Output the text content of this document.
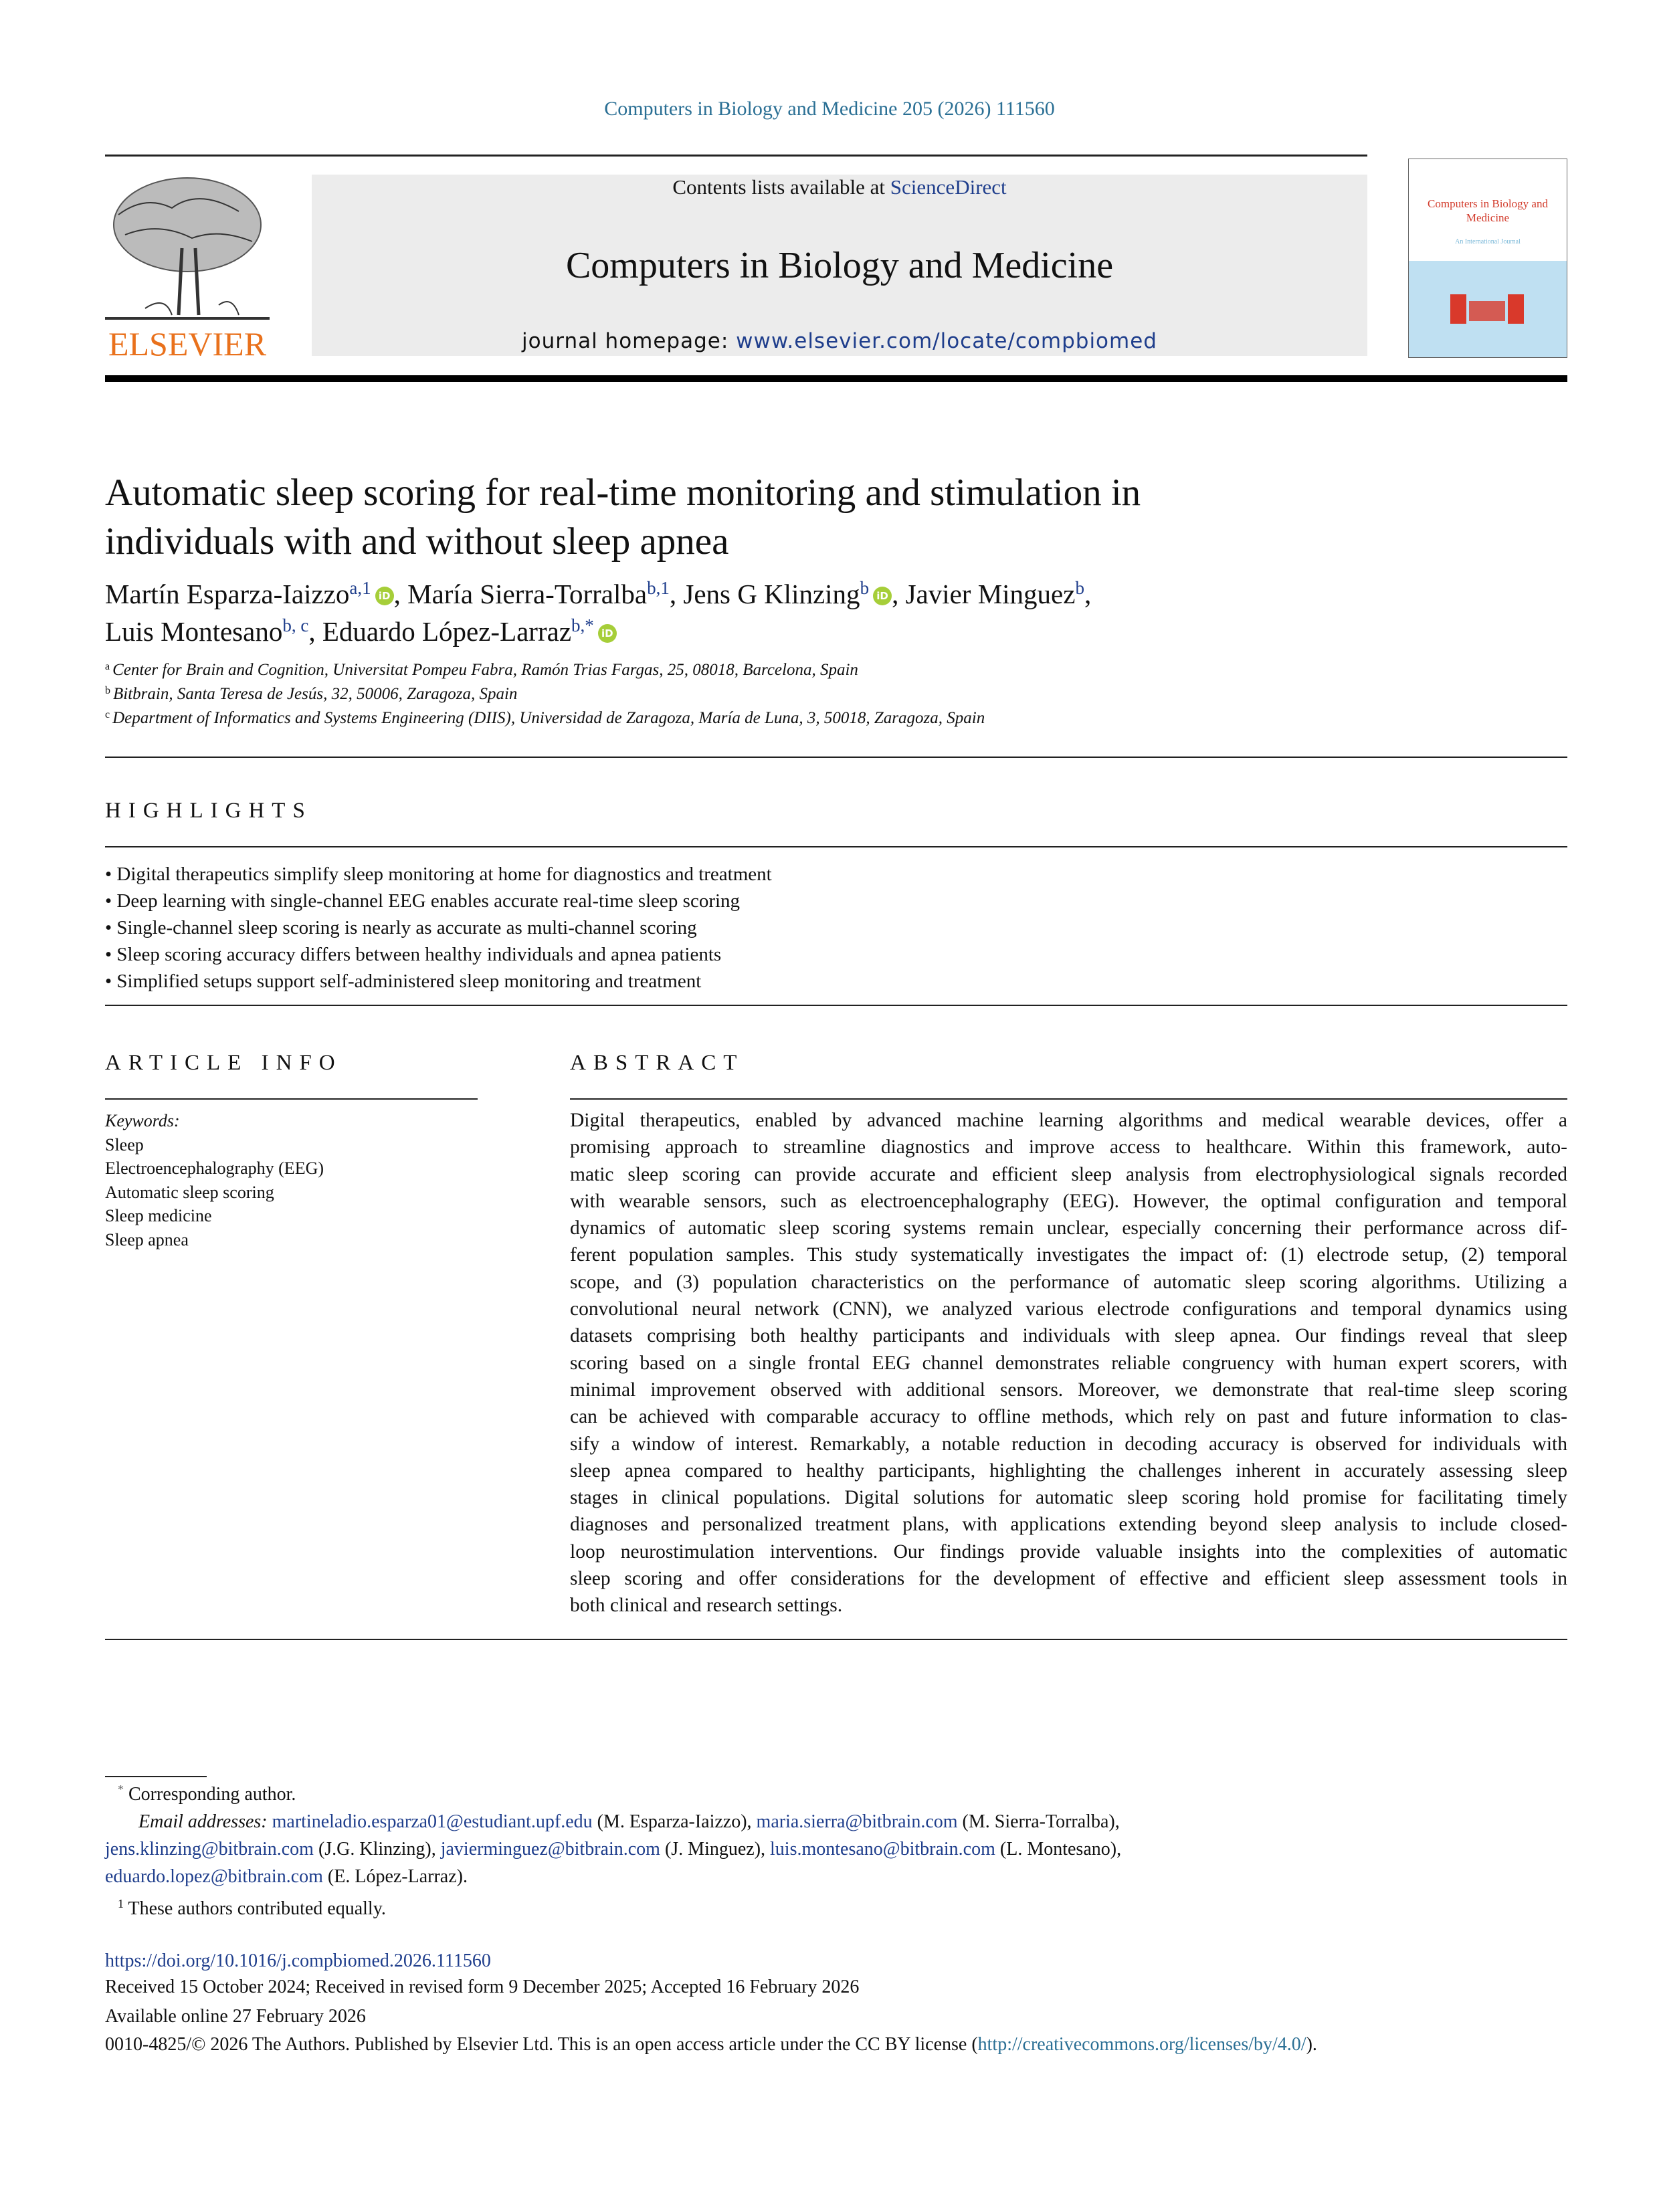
Computers in Biology and Medicine 205 (2026) 111560
ELSEVIER
Contents lists available at ScienceDirect
Computers in Biology and Medicine
journal homepage: www.elsevier.com/locate/compbiomed
Computers in Biology and Medicine
An International Journal
Automatic sleep scoring for real-time monitoring and stimulation in
individuals with and without sleep apnea
Martín Esparza-Iaizzo$^{a,1}$ iD , María Sierra-Torralba$^{b,1}$, Jens G Klinzing$^b$ iD , Javier Minguez$^b$,
Luis Montesano$^{b, c}$, Eduardo López-Larraz$^{b,*}$ iD
$^a$ Center for Brain and Cognition, Universitat Pompeu Fabra, Ramón Trias Fargas, 25, 08018, Barcelona, Spain
$^b$ Bitbrain, Santa Teresa de Jesús, 32, 50006, Zaragoza, Spain
$^c$ Department of Informatics and Systems Engineering (DIIS), Universidad de Zaragoza, María de Luna, 3, 50018, Zaragoza, Spain
HIGHLIGHTS
• Digital therapeutics simplify sleep monitoring at home for diagnostics and treatment
• Deep learning with single-channel EEG enables accurate real-time sleep scoring
• Single-channel sleep scoring is nearly as accurate as multi-channel scoring
• Sleep scoring accuracy differs between healthy individuals and apnea patients
• Simplified setups support self-administered sleep monitoring and treatment
ARTICLE INFO
Keywords:
Sleep
Electroencephalography (EEG)
Automatic sleep scoring
Sleep medicine
Sleep apnea
ABSTRACT
Digital therapeutics, enabled by advanced machine learning algorithms and medical wearable devices, offer a
promising approach to streamline diagnostics and improve access to healthcare. Within this framework, auto-
matic sleep scoring can provide accurate and efficient sleep analysis from electrophysiological signals recorded
with wearable sensors, such as electroencephalography (EEG). However, the optimal configuration and temporal
dynamics of automatic sleep scoring systems remain unclear, especially concerning their performance across dif-
ferent population samples. This study systematically investigates the impact of: (1) electrode setup, (2) temporal
scope, and (3) population characteristics on the performance of automatic sleep scoring algorithms. Utilizing a
convolutional neural network (CNN), we analyzed various electrode configurations and temporal dynamics using
datasets comprising both healthy participants and individuals with sleep apnea. Our findings reveal that sleep
scoring based on a single frontal EEG channel demonstrates reliable congruency with human expert scorers, with
minimal improvement observed with additional sensors. Moreover, we demonstrate that real-time sleep scoring
can be achieved with comparable accuracy to offline methods, which rely on past and future information to clas-
sify a window of interest. Remarkably, a notable reduction in decoding accuracy is observed for individuals with
sleep apnea compared to healthy participants, highlighting the challenges inherent in accurately assessing sleep
stages in clinical populations. Digital solutions for automatic sleep scoring hold promise for facilitating timely
diagnoses and personalized treatment plans, with applications extending beyond sleep analysis to include closed-
loop neurostimulation interventions. Our findings provide valuable insights into the complexities of automatic
sleep scoring and offer considerations for the development of effective and efficient sleep assessment tools in
both clinical and research settings.
* Corresponding author.
Email addresses: martineladio.esparza01@estudiant.upf.edu (M. Esparza-Iaizzo), maria.sierra@bitbrain.com (M. Sierra-Torralba),
jens.klinzing@bitbrain.com (J.G. Klinzing), javierminguez@bitbrain.com (J. Minguez), luis.montesano@bitbrain.com (L. Montesano),
eduardo.lopez@bitbrain.com (E. López-Larraz).
$^1$ These authors contributed equally.
https://doi.org/10.1016/j.compbiomed.2026.111560
Received 15 October 2024; Received in revised form 9 December 2025; Accepted 16 February 2026
Available online 27 February 2026
0010-4825/© 2026 The Authors. Published by Elsevier Ltd. This is an open access article under the CC BY license (http://creativecommons.org/licenses/by/4.0/).
